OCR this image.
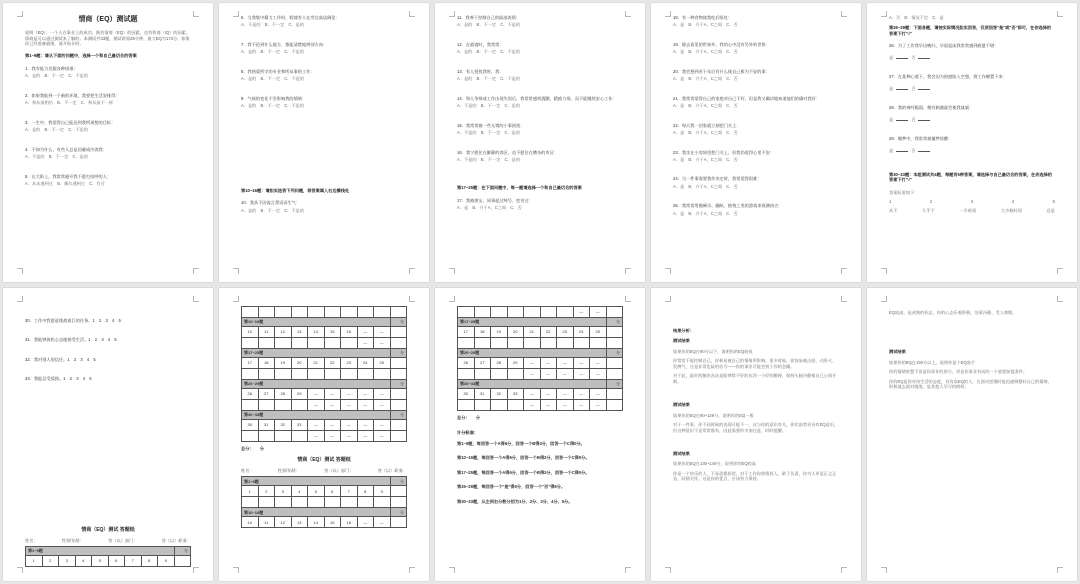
情商（EQ）测试题
说明（EQ）：一个人在事业上的成功，既有情商（EQ）的因素，也有智商（IQ）的因素。情商是可以通过测试来了解的。本测试共33题，测试时间25分钟，最大EQ为174分。如果你已经准备就绪，请开始计时。
第1~9题：请从下面的问题中，选择一个和自己最切合的答案
1．我有能力克服各种困难：
A．是的　B．不一定　C．不是的
2．如果我能到一个新的环境，我要把生活安排得：
A．和从前相仿　B．不一定　C．和从前不一样
3．一生中，我觉得自己能达到我所预想的目标：
A．是的　B．不一定　C．不是的
4．不知为什么，有些人总是回避或冷淡我：
A．不是的　B．不一定　C．是的
5．在大街上，我常常避开我不愿打招呼的人：
A．从未遇到过　B．偶尔遇到过　C．有过
6．当我集中精力工作时，假使有人在旁边高谈阔论：
A．不是的　B．不一定　C．是的
7．我不论到什么地方，都能清楚地辨别方向：
A．是的　B．不一定　C．不是的
8．我热爱所学的专业和所从事的工作：
A．是的　B．不一定　C．不是的
9．气候的变化不会影响我的情绪：
A．是的　B．不一定　C．不是的
第10~16题：请如实选答下列问题，将答案填入右边横线处
10．我从不因流言蜚语而生气：
A．是的　B．不一定　C．不是的
11．我善于控制自己的面部表情：
A．是的　B．不一定　C．不是的
12．在就寝时，我常常：
A．是的　B．不一定　C．不是的
13．有人侵扰我时，我：
A．是的　B．不一定　C．不是的
14．和人争辩或工作出现失误后，我常常感到震颤，精疲力竭，而不能继续安心工作：
A．不是的　B．不一定　C．是的
15．我常常被一些无谓的小事困扰：
A．不是的　B．不一定　C．是的
16．我宁愿住在僻静的郊区，也不愿住在嘈杂的市区：
A．不是的　B．不一定　C．是的
第17~25题：在下面问题中，每一题请选择一个和自己最切合的答案
17．我被朋友、同事起过绰号、挖苦过：
A．是　B．介于A、C之间　C．否
18．有一种食物使我吃后呕吐：
A．是　B．介于A、C之间　C．否
19．除去看见的世界外，我的心中没有另外的世界：
A．是　B．介于A、C之间　C．否
20．我会想到若干年后有什么使自己极为不安的事：
A．是　B．介于A、C之间　C．否
21．我常常觉得自己的家庭对自己不好，但是我又确切地知道他们的确对我好：
A．是　B．介于A、C之间　C．否
22．每天我一回家就立刻把门关上：
A．是　B．介于A、C之间　C．否
23．我坐在小房间里把门关上，但我仍觉得心里不安：
A．是　B．介于A、C之间　C．否
24．当一件事需要我作决定时，我常觉得很难：
A．是　B．介于A、C之间　C．否
25．我常常用抛硬币、翻纸、抽签之类的游戏来预测凶吉：
A．是　B．介于A、C之间　C．否
A．否　B．情况不定　C．是
第26~29题：下面各题，请按实际情况如实回答，仅须回答"是"或"否"即可，在你选择的答案下打"√"
26．为了工作我早出晚归，早晨起床我常常感到疲惫不堪：
是	否
27．在某种心境下，我会因为困惑陷入空想，将工作搁置下来：
是	否
28．我的神经脆弱，稍有刺激就会使我战栗：
是	否
29．睡梦中，我常常被噩梦惊醒：
是	否
第30~33题：本组测试共4题，每题有5种答案，请选择与自己最切合的答案，在你选择的答案下打"√"
答案标准如下：
1	2	3	4	5
从不	几乎不	一半时间	大多数时间	总是
30．工作中我愿意挑战艰巨的任务。1　2　3　4　5
31．我能够放松心态地接受生活。1　2　3　4　5
32．我对别人很信任。1　2　3　4　5
33．我能忍受孤独。1　2　3　4　5
情商（EQ）测试 答题纸
姓名：	性别/年龄：	答（以）部门：	答（以）职务：
第1~9题									分
1	2	3	4	5	6	7	8	9	

第10~16题									分
10	11	12	13	14	15	16	—	—	
							—	—	
第17~25题									分
17	18	19	20	21	22	23	24	25	

第26~29题									分
26	27	28	29	—	—	—	—	—	
				—	—	—	—	—	
第30~33题									分
30	31	32	33	—	—	—	—	—	
				—	—	—	—	—	
总分：　　分
情商（EQ）测试 答题纸
姓名：	性别/年龄：	答（以）部门：	答（以）职务：
第1~9题									分
1	2	3	4	5	6	7	8	9	

第10~16题									分
10	11	12	13	14	15	16	—	—	
							—	—	
第17~25题									分
17	18	19	20	21	22	23	24	25	

第26~29题									分
26	27	28	29	—	—	—	—	—	
				—	—	—	—	—	
第30~33题									分
30	31	32	33	—	—	—	—	—	
				—	—	—	—	—	
总分：　　分
计分标准：
第1~9题，每回答一个A得6分，回答一个B得3分，回答一个C得0分。
第10~16题，每回答一个A得5分，回答一个B得2分，回答一个C得0分。
第17~25题，每回答一个A得5分，回答一个B得2分，回答一个C得0分。
第26~29题，每回答一个"是"得0分，回答一个"否"得5分。
第30~33题，从左到右分数分别为1分、2分、3分、4分、5分。
结果分析：
测试结果
如果你的EQ在90分以下，说明你的EQ较低
你常常不能控制自己，你极易被自己的情绪所影响。很多时候，你容易被击怒、动肝火、发脾气，这是非常危险的信号——你的事业可能会毁于你的急躁。
对于此，最好的解决办法是能够给不好的东西一个好的解释，保持头脑冷静使自己心情开朗。
测试结果
如果你的EQ在90~129分，说明你的EQ一般
对于一件事，你不同时候的表现可能不一，这与你的意识有关，你比前者更具有EQ意识，但这种意识不是常常都有，因此需要你多加注意，时时提醒。
测试结果
如果你的EQ在130~149分，说明你的EQ较高
你是一个快乐的人，不易恐惧担忧，对于工作你热情投入、敢于负责，你为人更是正义正直、同情关怀，这是你的优点，应该努力保持。
EQ较高，是成熟的标志，你的心态乐观积极，处事冷静，受人尊敬。
测试结果
如果你的EQ在150分以上，说明你是个EQ高手
你的情绪智慧不但是你事业的助力，更是你事业有成的一个重要前提条件。
你的EQ是你对待生活的态度，具有高EQ的人，在面对逆境时能迅速调整好自己的情绪，积极地去面对挑战，是其他人学习的榜样。
